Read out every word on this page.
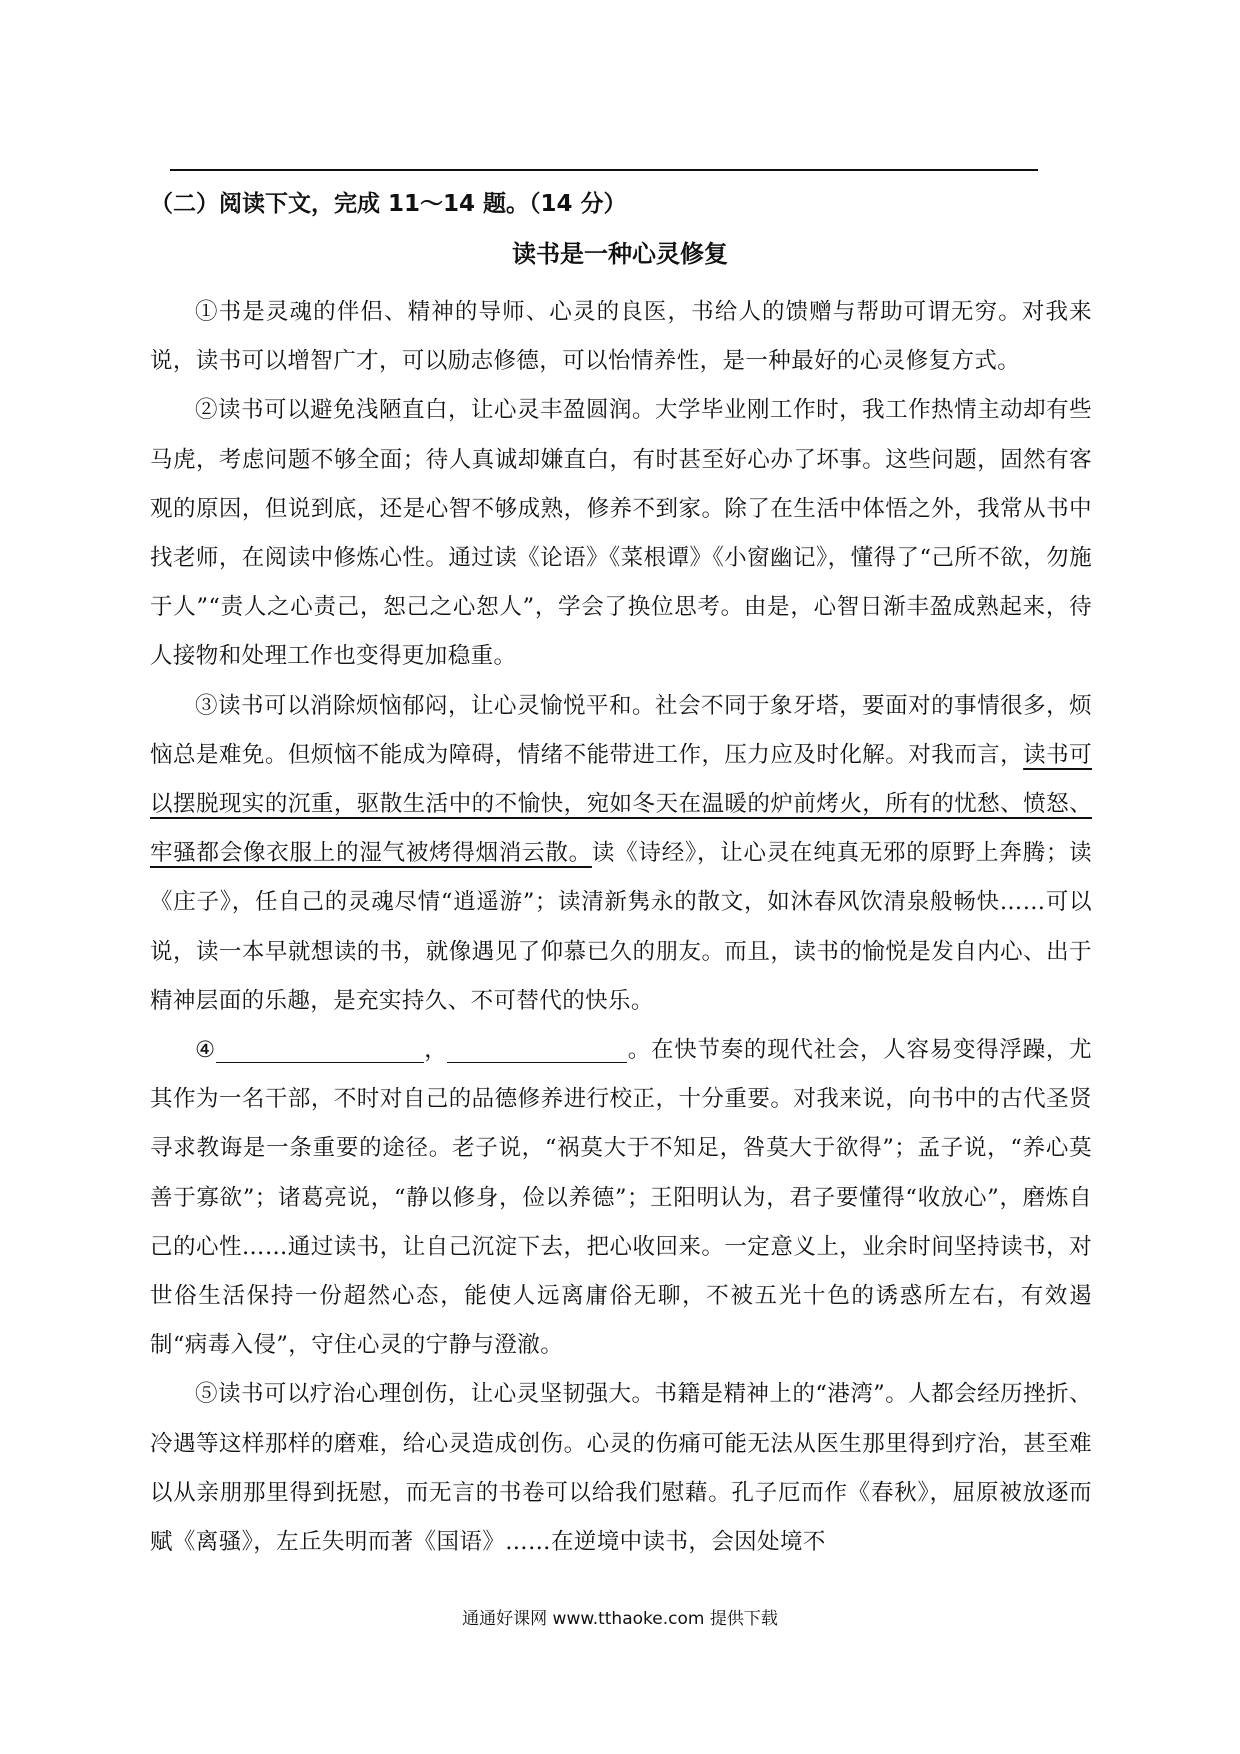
（二）阅读下文，完成 11～14 题。（14 分）
读书是一种心灵修复

①书是灵魂的伴侣、精神的导师、心灵的良医，书给人的馈赠与帮助可谓无穷。对我来说，读书可以增智广才，可以励志修德，可以怡情养性，是一种最好的心灵修复方式。

②读书可以避免浅陋直白，让心灵丰盈圆润。大学毕业刚工作时，我工作热情主动却有些马虎，考虑问题不够全面；待人真诚却嫌直白，有时甚至好心办了坏事。这些问题，固然有客观的原因，但说到底，还是心智不够成熟，修养不到家。除了在生活中体悟之外，我常从书中找老师，在阅读中修炼心性。通过读《论语》《菜根谭》《小窗幽记》，懂得了“己所不欲，勿施于人”“责人之心责己，恕己之心恕人”，学会了换位思考。由是，心智日渐丰盈成熟起来，待人接物和处理工作也变得更加稳重。

③读书可以消除烦恼郁闷，让心灵愉悦平和。社会不同于象牙塔，要面对的事情很多，烦恼总是难免。但烦恼不能成为障碍，情绪不能带进工作，压力应及时化解。对我而言，读书可以摆脱现实的沉重，驱散生活中的不愉快，宛如冬天在温暖的炉前烤火，所有的忧愁、愤怒、牢骚都会像衣服上的湿气被烤得烟消云散。读《诗经》，让心灵在纯真无邪的原野上奔腾；读《庄子》，任自己的灵魂尽情“逍遥游”；读清新隽永的散文，如沐春风饮清泉般畅快……可以说，读一本早就想读的书，就像遇见了仰慕已久的朋友。而且，读书的愉悦是发自内心、出于精神层面的乐趣，是充实持久、不可替代的快乐。

④	，	。在快节奏的现代社会，人容易变得浮躁，尤其作为一名干部，不时对自己的品德修养进行校正，十分重要。对我来说，向书中的古代圣贤寻求教诲是一条重要的途径。老子说，“祸莫大于不知足，咎莫大于欲得”；孟子说，“养心莫善于寡欲”；诸葛亮说，“静以修身，俭以养德”；王阳明认为，君子要懂得“收放心”，磨炼自己的心性……通过读书，让自己沉淀下去，把心收回来。一定意义上，业余时间坚持读书，对世俗生活保持一份超然心态，能使人远离庸俗无聊，不被五光十色的诱惑所左右，有效遏制“病毒入侵”，守住心灵的宁静与澄澈。

⑤读书可以疗治心理创伤，让心灵坚韧强大。书籍是精神上的“港湾”。人都会经历挫折、冷遇等这样那样的磨难，给心灵造成创伤。心灵的伤痛可能无法从医生那里得到疗治，甚至难以从亲朋那里得到抚慰，而无言的书卷可以给我们慰藉。孔子厄而作《春秋》，屈原被放逐而赋《离骚》，左丘失明而著《国语》……在逆境中读书，会因处境不

通通好课网 www.tthaoke.com 提供下载
